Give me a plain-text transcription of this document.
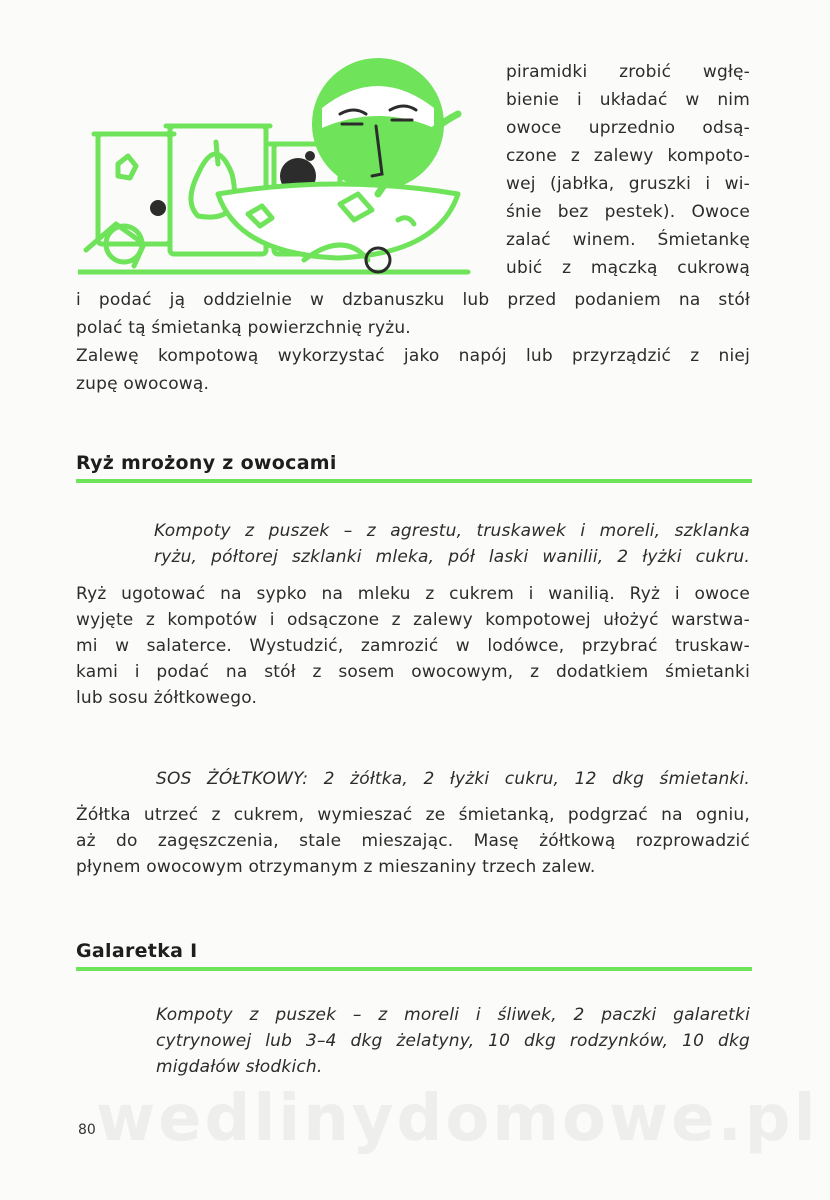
piramidki zrobić wgłę-
bienie i układać w nim
owoce uprzednio odsą-
czone z zalewy kompoto-
wej (jabłka, gruszki i wi-
śnie bez pestek). Owoce
zalać winem. Śmietankę
ubić z mączką cukrową
i podać ją oddzielnie w dzbanuszku lub przed podaniem na stół
polać tą śmietanką powierzchnię ryżu.
Zalewę kompotową wykorzystać jako napój lub przyrządzić z niej
zupę owocową.
Ryż mrożony z owocami
Kompoty z puszek – z agrestu, truskawek i moreli, szklanka
ryżu, półtorej szklanki mleka, pół laski wanilii, 2 łyżki cukru.
Ryż ugotować na sypko na mleku z cukrem i wanilią. Ryż i owoce
wyjęte z kompotów i odsączone z zalewy kompotowej ułożyć warstwa-
mi w salaterce. Wystudzić, zamrozić w lodówce, przybrać truskaw-
kami i podać na stół z sosem owocowym, z dodatkiem śmietanki
lub sosu żółtkowego.
SOS ŻÓŁTKOWY: 2 żółtka, 2 łyżki cukru, 12 dkg śmietanki.
Żółtka utrzeć z cukrem, wymieszać ze śmietanką, podgrzać na ogniu,
aż do zagęszczenia, stale mieszając. Masę żółtkową rozprowadzić
płynem owocowym otrzymanym z mieszaniny trzech zalew.
Galaretka I
Kompoty z puszek – z moreli i śliwek, 2 paczki galaretki
cytrynowej lub 3–4 dkg żelatyny, 10 dkg rodzynków, 10 dkg
migdałów słodkich.
wedlinydomowe.pl
80
